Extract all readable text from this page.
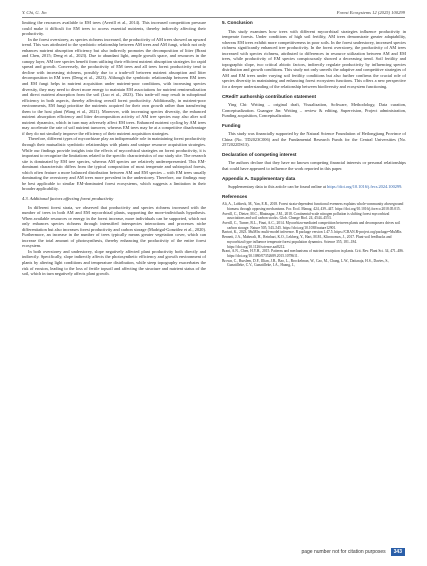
Y. Chi, G. Jin	Forest Ecosystems 12 (2025) 100299

limiting the resources available to EM trees (Averill et al., 2014). This increased competition pressure could make it difficult for EM trees to access essential nutrients, thereby indirectly affecting their productivity.

In the forest overstorey, as species richness increased, the productivity of AM trees showed an upward trend. This was attributed to the symbiotic relationship between AM trees and AM fungi, which not only enhances nutrient absorption efficiency but also indirectly promotes the decomposition of litter (Brant and Chen, 2015; Deng et al., 2023). Due to abundant light, ample growth space, and resources in the canopy layer, AM tree species benefit from utilizing their efficient nutrient absorption strategies for rapid spread and growth. Conversely, the productivity of EM trees and all trees forest productivity tend to decline with increasing richness, possibly due to a trade-off between nutrient absorption and litter decomposition in EM trees (Deng et al., 2023). Although the symbiotic relationship between EM trees and EM fungi helps in nutrient acquisition under nutrient-poor conditions, with increasing species diversity, they may need to divert more energy to maintain EM associations for nutrient remineralization and direct nutrient absorption from the soil (Luo et al., 2023). This trade-off may result in suboptimal efficiency in both aspects, thereby affecting overall forest productivity. Additionally, in nutrient-poor environments, EM fungi prioritize the nutrients acquired for their own growth rather than transferring them to the host plant (Wang et al., 2021). Moreover, with increasing species diversity, the enhanced nutrient absorption efficiency and litter decomposition activity of AM tree species may also alter soil nutrient dynamics, which in turn may adversely affect EM trees. Enhanced nutrient cycling by AM trees may accelerate the rate of soil nutrient turnover, whereas EM trees may be at a competitive disadvantage if they do not similarly improve the efficiency of their nutrient acquisition strategies.

Therefore, different types of mycorrhizae play an indispensable role in maintaining forest productivity through their mutualistic symbiotic relationships with plants and unique resource acquisition strategies. While our findings provide insights into the effects of mycorrhizal strategies on forest productivity, it is important to recognize the limitations related to the specific characteristics of our study site. The research site is dominated by EM tree species, whereas AM species are relatively underrepresented. This EM-dominant characteristic differs from the typical composition of most temperate and subtropical forests, which often feature a more balanced distribution between AM and EM species – with EM trees usually dominating the overstorey and AM trees more prevalent in the understorey. Therefore, our findings may be best applicable to similar EM-dominated forest ecosystems, which suggests a limitation in their broader applicability.

4.3. Additional factors affecting forest productivity

In different forest strata, we observed that productivity and species richness increased with the number of trees in both AM and EM mycorrhizal plants, supporting the more-individuals hypothesis. When available resources or energy in the forest increase, more individuals can be supported, which not only enhances species richness through intensified interspecies interactions and processes niche differentiation but also increases forest productivity and carbon storage (Madrigal-González et al., 2020). Furthermore, an increase in the number of trees typically means greater vegetation cover, which can increase the total amount of photosynthesis, thereby enhancing the productivity of the entire forest ecosystem.

In both overstorey and understorey, slope negatively affected plant productivity both directly and indirectly. Specifically, slope indirectly affects the photosynthetic efficiency and growth environment of plants by altering light conditions and temperature distribution, while steep topography exacerbates the risk of erosion, leading to the loss of fertile topsoil and affecting the structure and nutrient status of the soil, which in turn negatively affects plant growth.

5. Conclusion

This study examines how trees with different mycorrhizal strategies influence productivity in temperate forests. Under conditions of high soil fertility, AM trees demonstrate greater adaptability, whereas EM trees exhibit more competitiveness in poor soils. In the forest understorey, increased species richness significantly enhanced tree productivity. In the forest overstorey, the productivity of AM trees increased with species richness, attributed to differences in resource utilization between AM and EM trees, while productivity of EM species conspicuously showed a decreasing trend. Soil fertility and topographic slope, two critical abiotic factors, indirectly regulate productivity by influencing species distribution and growth conditions. This study not only unveils the adaptive and competitive strategies of AM and EM trees under varying soil fertility conditions but also further confirms the crucial role of species diversity in maintaining and enhancing forest ecosystem functions. This offers a new perspective for a deeper understanding of the relationship between biodiversity and ecosystem functioning.

CRediT authorship contribution statement

Ying Chi: Writing – original draft, Visualization, Software, Methodology, Data curation, Conceptualization. Guangze Jin: Writing – review & editing, Supervision, Project administration, Funding acquisition, Conceptualization.

Funding

This study was financially supported by the Natural Science Foundation of Heilongjiang Province of China (No. TD2023C006) and the Fundamental Research Funds for the Central Universities (No. 2572022DS13).

Declaration of competing interest

The authors declare that they have no known competing financial interests or personal relationships that could have appeared to influence the work reported in this paper.

Appendix A. Supplementary data

Supplementary data to this article can be found online at https://doi.org/10.1016/j.fecs.2024.100299.

References
Ali, A., Lohbeck, M., Yan, E.R., 2018. Forest strata-dependent functional evenness explains whole-community aboveground biomass through opposing mechanisms. For. Ecol. Manag. 424, 439–447. https://doi.org/10.1016/j.foreco.2018.05.015.
Averill, C., Dietze, M.C., Bhatnagar, J.M., 2018. Continental-scale nitrogen pollution is shifting forest mycorrhizal associations and soil carbon stocks. Glob. Change Biol. 24, 4544–4553.
Averill, C., Turner, B.L., Finzi, A.C., 2014. Mycorrhiza-mediated competition between plants and decomposers drives soil carbon storage. Nature 505, 543–545. https://doi.org/10.1038/nature12901.
Bartoń, K., 2023. MuMIn: multi-model inference. R package version 1.47.5. https://CRAN.R-project.org/package=MuMIn.
Bennett, J.A., Maherali, H., Reinhart, K.O., Lekberg, Y., Hart, M.M., Klironomos, J., 2017. Plant-soil feedbacks and mycorrhizal type influence temperate forest population dynamics. Science 355, 181–184. https://doi.org/10.1126/science.aai8212.
Brant, A.N., Chen, H.Y.H., 2015. Patterns and mechanisms of nutrient resorption in plants. Crit. Rev. Plant Sci. 34, 471–486. https://doi.org/10.1080/07352689.2015.1078611.
Brown, C., Burslem, D.F., Illian, J.B., Bao, L., Brockelman, W., Cao, M., Chang, L.W., Dattaraja, H.S., Davies, S., Gunatilleke, C.V., Gunatilleke, I.A., Huang, J.,
page number not for citation purposes	343
